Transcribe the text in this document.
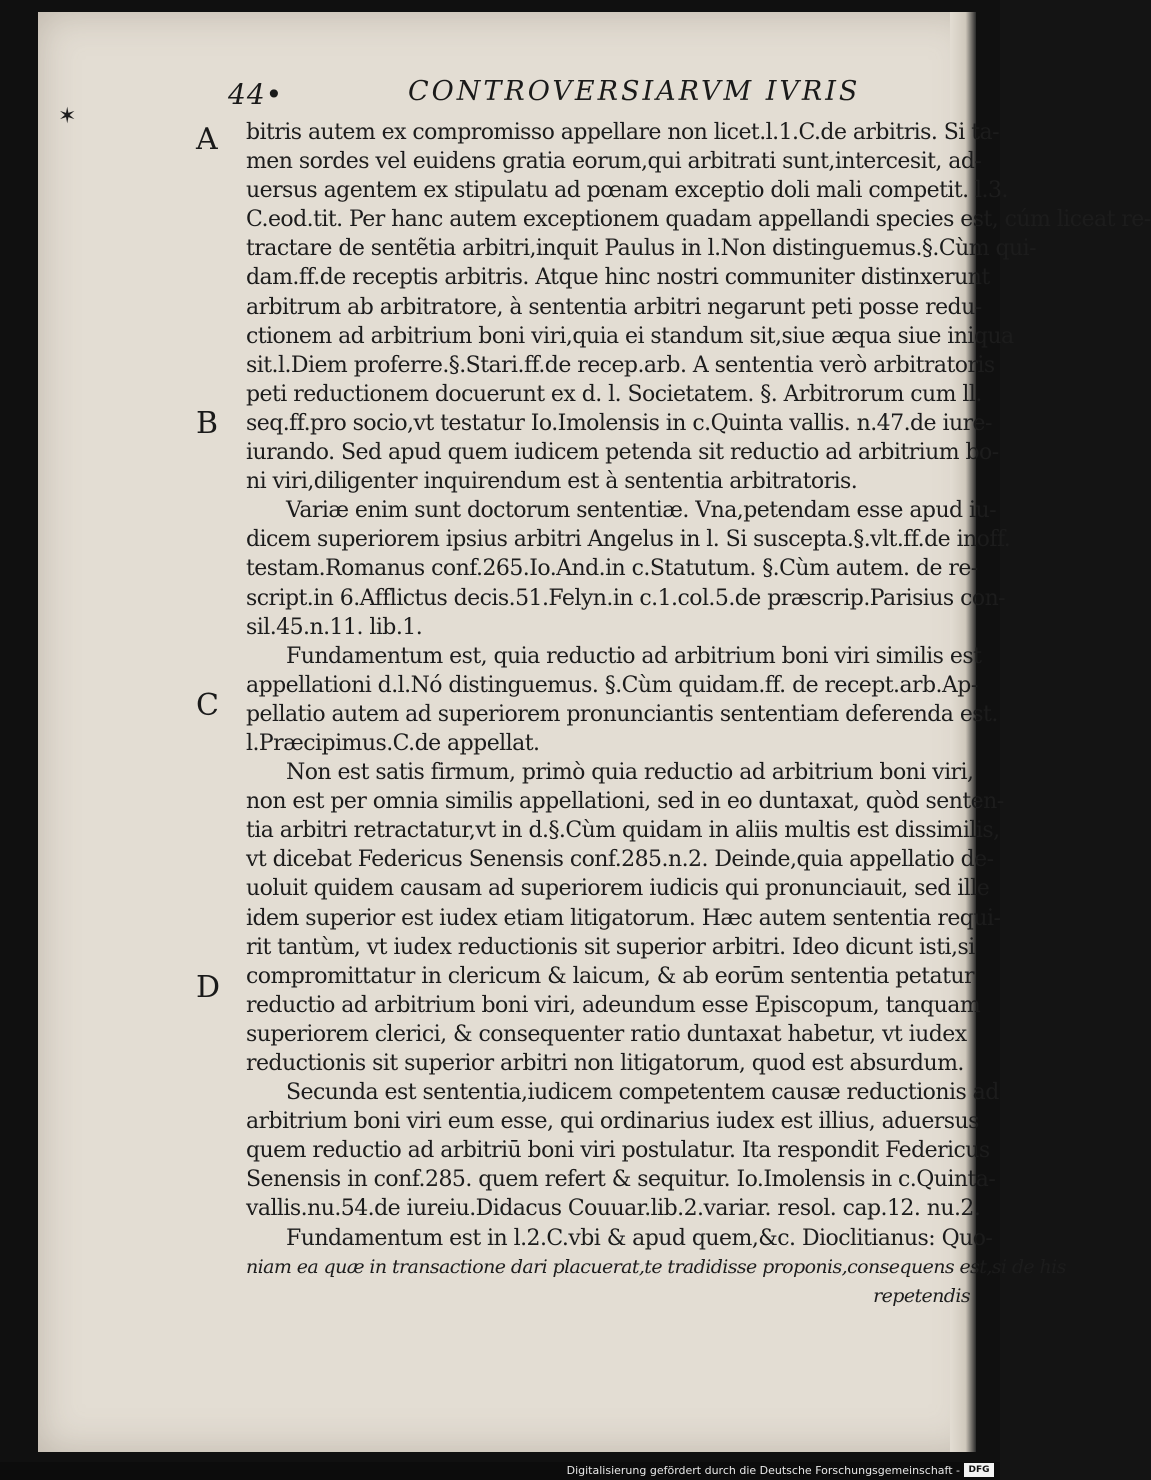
✶
44•	CONTROVERSIARVM IVRIS
A
B
C
D
bitris autem ex compromisso appellare non licet.l.1.C.de arbitris. Si ta-
men sordes vel euidens gratia eorum,qui arbitrati sunt,intercesit, ad-
uersus agentem ex stipulatu ad pœnam exceptio doli mali competit. l.3.
C.eod.tit. Per hanc autem exceptionem quadam appellandi species est, cúm liceat re-
tractare de sentẽtia arbitri,inquit Paulus in l.Non distinguemus.§.Cùm qui-
dam.ff.de receptis arbitris. Atque hinc nostri communiter distinxerunt
arbitrum ab arbitratore, à sententia arbitri negarunt peti posse redu-
ctionem ad arbitrium boni viri,quia ei standum sit,siue æqua siue iniqua
sit.l.Diem proferre.§.Stari.ff.de recep.arb. A sententia verò arbitratoris
peti reductionem docuerunt ex d. l. Societatem. §. Arbitrorum cum ll.
seq.ff.pro socio,vt testatur Io.Imolensis in c.Quinta vallis. n.47.de iure-
iurando. Sed apud quem iudicem petenda sit reductio ad arbitrium bo-
ni viri,diligenter inquirendum est à sententia arbitratoris.
Variæ enim sunt doctorum sententiæ. Vna,petendam esse apud iu-
dicem superiorem ipsius arbitri Angelus in l. Si suscepta.§.vlt.ff.de inoff.
testam.Romanus conf.265.Io.And.in c.Statutum. §.Cùm autem. de re-
script.in 6.Afflictus decis.51.Felyn.in c.1.col.5.de præscrip.Parisius con-
sil.45.n.11. lib.1.
Fundamentum est, quia reductio ad arbitrium boni viri similis est
appellationi d.l.Nó distinguemus. §.Cùm quidam.ff. de recept.arb.Ap-
pellatio autem ad superiorem pronunciantis sententiam deferenda est.
l.Præcipimus.C.de appellat.
Non est satis firmum, primò quia reductio ad arbitrium boni viri,
non est per omnia similis appellationi, sed in eo duntaxat, quòd senten-
tia arbitri retractatur,vt in d.§.Cùm quidam in aliis multis est dissimilis,
vt dicebat Federicus Senensis conf.285.n.2. Deinde,quia appellatio de-
uoluit quidem causam ad superiorem iudicis qui pronunciauit, sed ille
idem superior est iudex etiam litigatorum. Hæc autem sententia requi-
rit tantùm, vt iudex reductionis sit superior arbitri. Ideo dicunt isti,si
compromittatur in clericum & laicum, & ab eorūm sententia petatur
reductio ad arbitrium boni viri, adeundum esse Episcopum, tanquam
superiorem clerici, & consequenter ratio duntaxat habetur, vt iudex
reductionis sit superior arbitri non litigatorum, quod est absurdum.
Secunda est sententia,iudicem competentem causæ reductionis ad
arbitrium boni viri eum esse, qui ordinarius iudex est illius, aduersus
quem reductio ad arbitriū boni viri postulatur. Ita respondit Federicus
Senensis in conf.285. quem refert & sequitur. Io.Imolensis in c.Quinta-
vallis.nu.54.de iureiu.Didacus Couuar.lib.2.variar. resol. cap.12. nu.2.
Fundamentum est in l.2.C.vbi & apud quem,&c. Dioclitianus: Quo-
niam ea quæ in transactione dari placuerat,te tradidisse proponis,consequens est,si de his
repetendis
Digitalisierung gefördert durch die Deutsche Forschungsgemeinschaft - DFG
